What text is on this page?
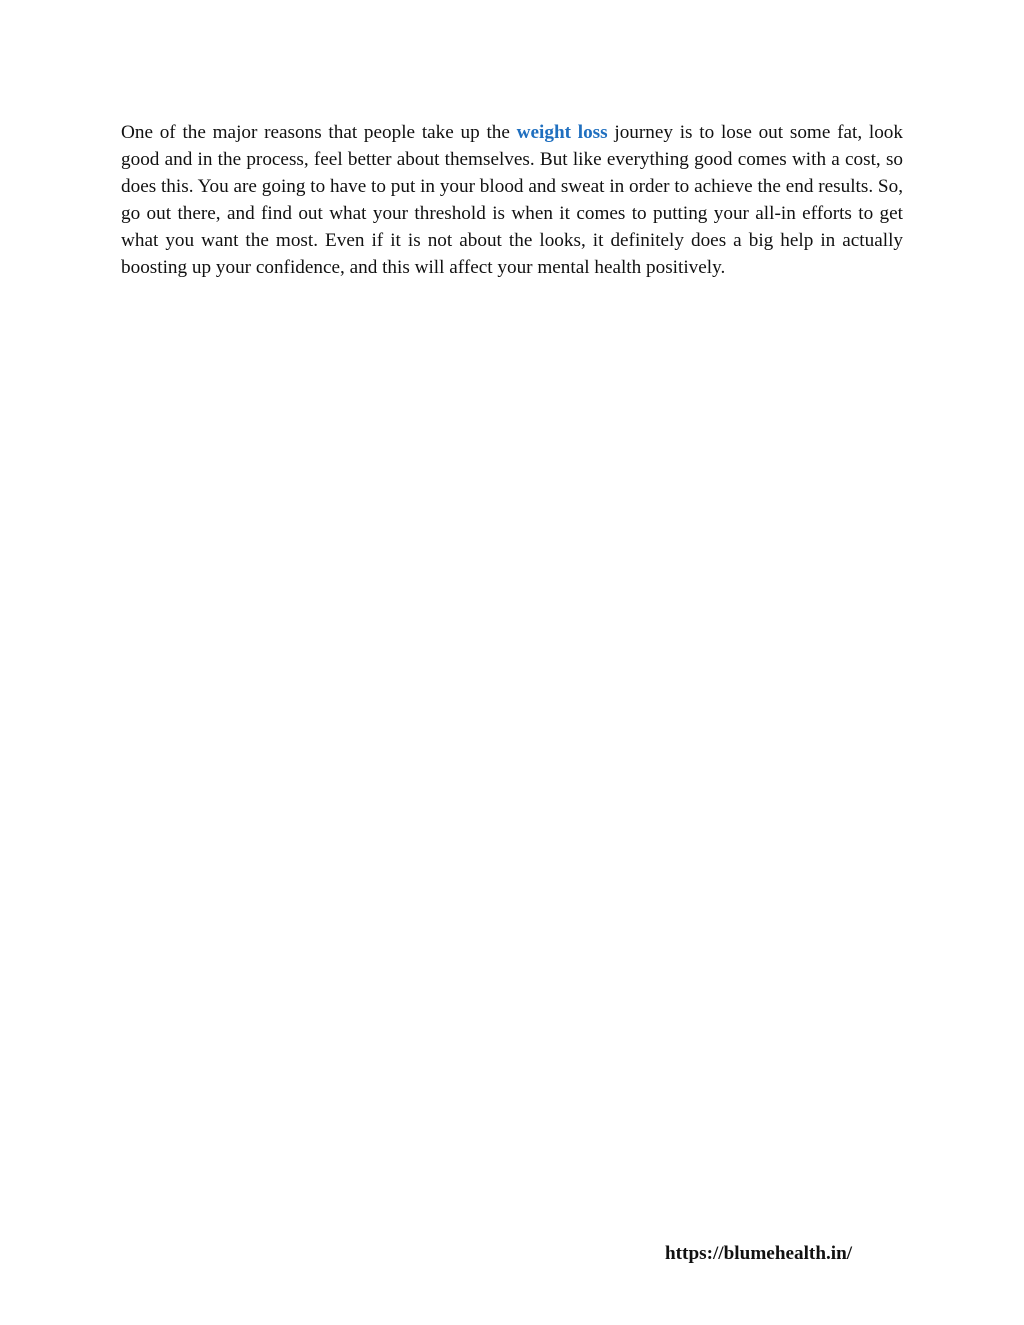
One of the major reasons that people take up the weight loss journey is to lose out some fat, look good and in the process, feel better about themselves. But like everything good comes with a cost, so does this. You are going to have to put in your blood and sweat in order to achieve the end results. So, go out there, and find out what your threshold is when it comes to putting your all-in efforts to get what you want the most. Even if it is not about the looks, it definitely does a big help in actually boosting up your confidence, and this will affect your mental health positively.

https://blumehealth.in/
